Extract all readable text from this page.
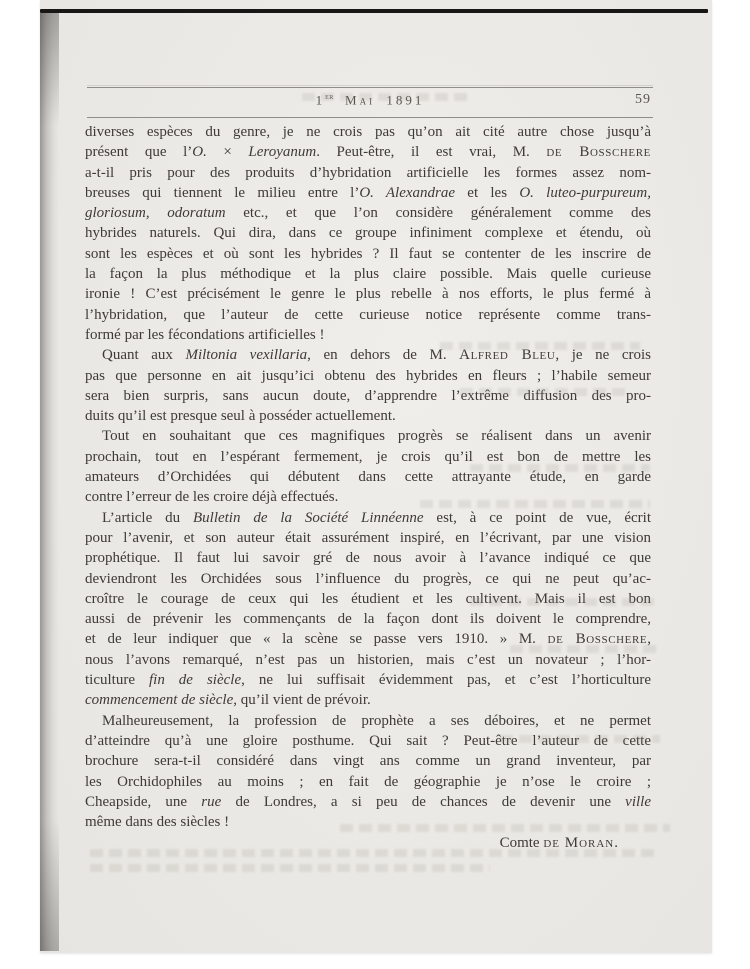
1er Mai 1891	59
diverses espèces du genre, je ne crois pas qu’on ait cité autre chose jusqu’à
présent que l’O. × Leroyanum. Peut-être, il est vrai, M. de Bosschere
a-t-il pris pour des produits d’hybridation artificielle les formes assez nom-
breuses qui tiennent le milieu entre l’O. Alexandrae et les O. luteo-purpureum,
gloriosum, odoratum etc., et que l’on considère généralement comme des
hybrides naturels. Qui dira, dans ce groupe infiniment complexe et étendu, où
sont les espèces et où sont les hybrides ? Il faut se contenter de les inscrire de
la façon la plus méthodique et la plus claire possible. Mais quelle curieuse
ironie ! C’est précisément le genre le plus rebelle à nos efforts, le plus fermé à
l’hybridation, que l’auteur de cette curieuse notice représente comme trans-
formé par les fécondations artificielles !
Quant aux Miltonia vexillaria, en dehors de M. Alfred Bleu, je ne crois
pas que personne en ait jusqu’ici obtenu des hybrides en fleurs ; l’habile semeur
sera bien surpris, sans aucun doute, d’apprendre l’extrême diffusion des pro-
duits qu’il est presque seul à posséder actuellement.
Tout en souhaitant que ces magnifiques progrès se réalisent dans un avenir
prochain, tout en l’espérant fermement, je crois qu’il est bon de mettre les
amateurs d’Orchidées qui débutent dans cette attrayante étude, en garde
contre l’erreur de les croire déjà effectués.
L’article du Bulletin de la Société Linnéenne est, à ce point de vue, écrit
pour l’avenir, et son auteur était assurément inspiré, en l’écrivant, par une vision
prophétique. Il faut lui savoir gré de nous avoir à l’avance indiqué ce que
deviendront les Orchidées sous l’influence du progrès, ce qui ne peut qu’ac-
croître le courage de ceux qui les étudient et les cultivent. Mais il est bon
aussi de prévenir les commençants de la façon dont ils doivent le comprendre,
et de leur indiquer que « la scène se passe vers 1910. » M. de Bosschere,
nous l’avons remarqué, n’est pas un historien, mais c’est un novateur ; l’hor-
ticulture fin de siècle, ne lui suffisait évidemment pas, et c’est l’horticulture
commencement de siècle, qu’il vient de prévoir.
Malheureusement, la profession de prophète a ses déboires, et ne permet
d’atteindre qu’à une gloire posthume. Qui sait ? Peut-être l’auteur de cette
brochure sera-t-il considéré dans vingt ans comme un grand inventeur, par
les Orchidophiles au moins ; en fait de géographie je n’ose le croire ;
Cheapside, une rue de Londres, a si peu de chances de devenir une ville
même dans des siècles !
Comte de Moran.
